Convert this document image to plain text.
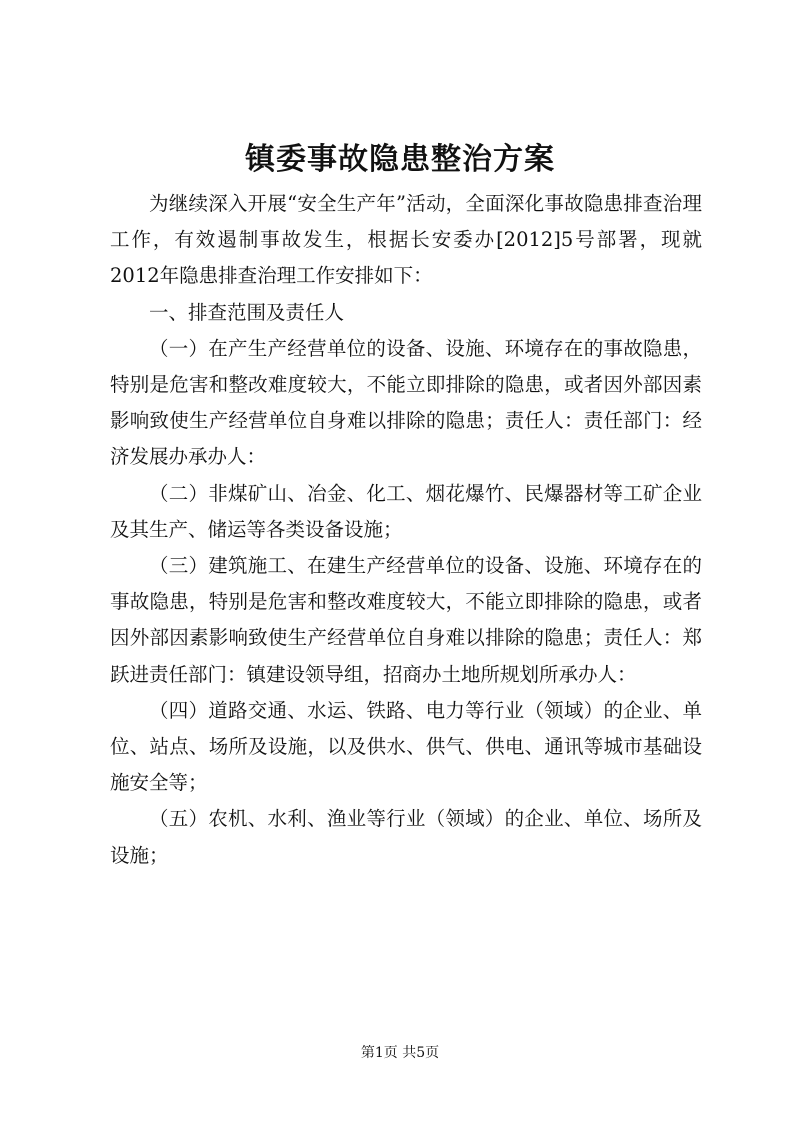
镇委事故隐患整治方案

为继续深入开展“安全生产年”活动，全面深化事故隐患排查治理工作，有效遏制事故发生，根据长安委办[2012]5号部署，现就2012年隐患排查治理工作安排如下：

一、排查范围及责任人

（一）在产生产经营单位的设备、设施、环境存在的事故隐患，特别是危害和整改难度较大，不能立即排除的隐患，或者因外部因素影响致使生产经营单位自身难以排除的隐患；责任人：责任部门：经济发展办承办人：

（二）非煤矿山、冶金、化工、烟花爆竹、民爆器材等工矿企业及其生产、储运等各类设备设施；

（三）建筑施工、在建生产经营单位的设备、设施、环境存在的事故隐患，特别是危害和整改难度较大，不能立即排除的隐患，或者因外部因素影响致使生产经营单位自身难以排除的隐患；责任人：郑跃进责任部门：镇建设领导组，招商办土地所规划所承办人：

（四）道路交通、水运、铁路、电力等行业（领域）的企业、单位、站点、场所及设施，以及供水、供气、供电、通讯等城市基础设施安全等；

（五）农机、水利、渔业等行业（领域）的企业、单位、场所及设施；

第1页 共5页
